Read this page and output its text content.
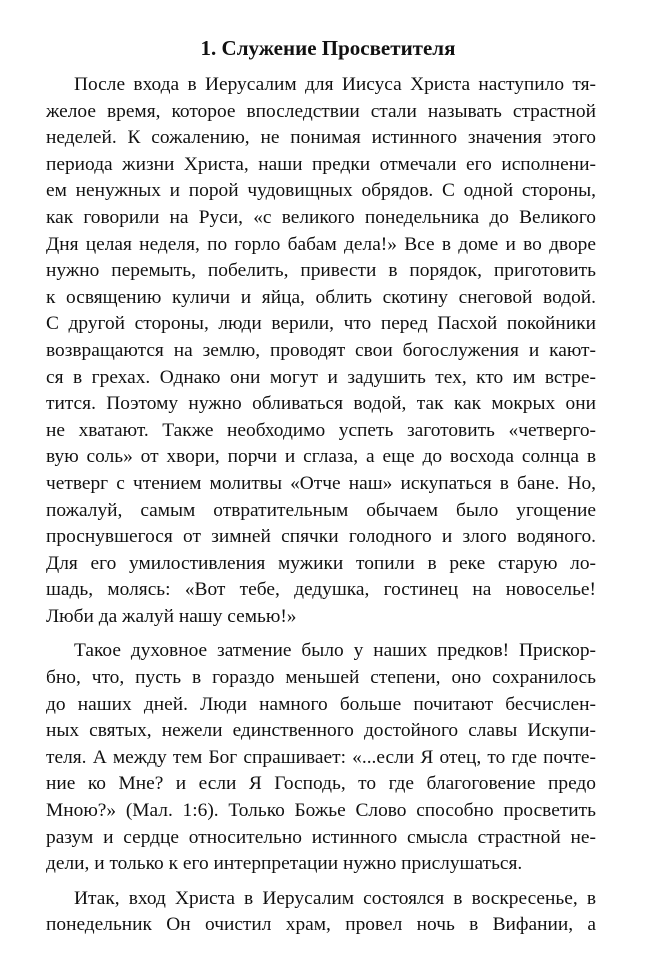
1. Служение Просветителя
После входа в Иерусалим для Иисуса Христа наступило тя-
желое время, которое впоследствии стали называть страстной
неделей. К сожалению, не понимая истинного значения этого
периода жизни Христа, наши предки отмечали его исполнени-
ем ненужных и порой чудовищных обрядов. С одной стороны,
как говорили на Руси, «с великого понедельника до Великого
Дня целая неделя, по горло бабам дела!» Все в доме и во дворе
нужно перемыть, побелить, привести в порядок, приготовить
к освящению куличи и яйца, облить скотину снеговой водой.
С другой стороны, люди верили, что перед Пасхой покойники
возвращаются на землю, проводят свои богослужения и кают-
ся в грехах. Однако они могут и задушить тех, кто им встре-
тится. Поэтому нужно обливаться водой, так как мокрых они
не хватают. Также необходимо успеть заготовить «четверго-
вую соль» от хвори, порчи и сглаза, а еще до восхода солнца в
четверг с чтением молитвы «Отче наш» искупаться в бане. Но,
пожалуй, самым отвратительным обычаем было угощение
проснувшегося от зимней спячки голодного и злого водяного.
Для его умилостивления мужики топили в реке старую ло-
шадь, молясь: «Вот тебе, дедушка, гостинец на новоселье!
Люби да жалуй нашу семью!»
Такое духовное затмение было у наших предков! Прискор-
бно, что, пусть в гораздо меньшей степени, оно сохранилось
до наших дней. Люди намного больше почитают бесчислен-
ных святых, нежели единственного достойного славы Искупи-
теля. А между тем Бог спрашивает: «...если Я отец, то где почте-
ние ко Мне? и если Я Господь, то где благоговение предо
Мною?» (Мал. 1:6). Только Божье Слово способно просветить
разум и сердце относительно истинного смысла страстной не-
дели, и только к его интерпретации нужно прислушаться.
Итак, вход Христа в Иерусалим состоялся в воскресенье, в
понедельник Он очистил храм, провел ночь в Вифании, а
